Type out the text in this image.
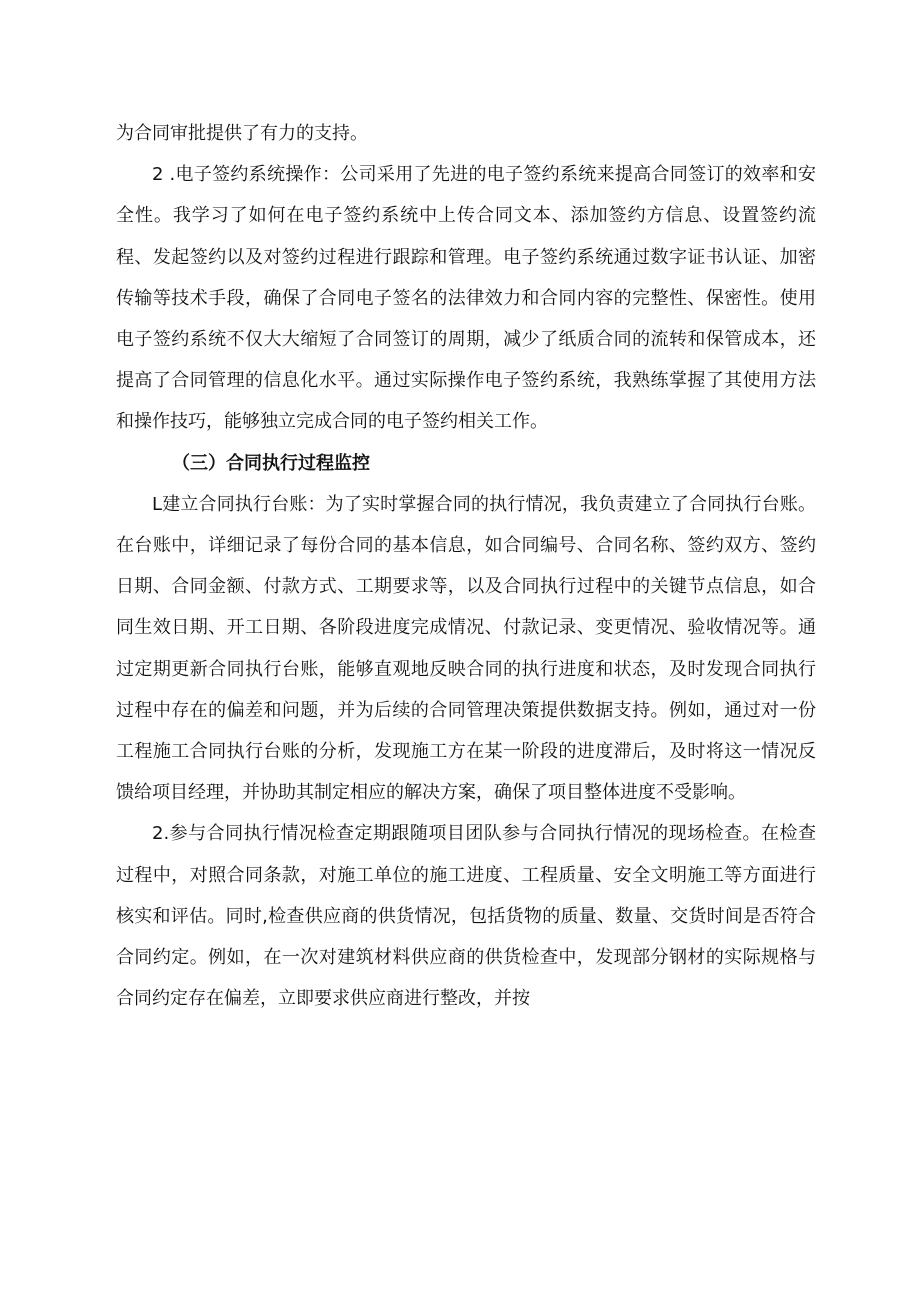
为合同审批提供了有力的支持。

2 .电子签约系统操作：公司采用了先进的电子签约系统来提高合同签订的效率和安全性。我学习了如何在电子签约系统中上传合同文本、添加签约方信息、设置签约流程、发起签约以及对签约过程进行跟踪和管理。电子签约系统通过数字证书认证、加密传输等技术手段，确保了合同电子签名的法律效力和合同内容的完整性、保密性。使用电子签约系统不仅大大缩短了合同签订的周期，减少了纸质合同的流转和保管成本，还提高了合同管理的信息化水平。通过实际操作电子签约系统，我熟练掌握了其使用方法和操作技巧，能够独立完成合同的电子签约相关工作。

（三）合同执行过程监控

L建立合同执行台账：为了实时掌握合同的执行情况，我负责建立了合同执行台账。在台账中，详细记录了每份合同的基本信息，如合同编号、合同名称、签约双方、签约日期、合同金额、付款方式、工期要求等，以及合同执行过程中的关键节点信息，如合同生效日期、开工日期、各阶段进度完成情况、付款记录、变更情况、验收情况等。通过定期更新合同执行台账，能够直观地反映合同的执行进度和状态，及时发现合同执行过程中存在的偏差和问题，并为后续的合同管理决策提供数据支持。例如，通过对一份工程施工合同执行台账的分析，发现施工方在某一阶段的进度滞后，及时将这一情况反馈给项目经理，并协助其制定相应的解决方案，确保了项目整体进度不受影响。

2.参与合同执行情况检查定期跟随项目团队参与合同执行情况的现场检查。在检查过程中，对照合同条款，对施工单位的施工进度、工程质量、安全文明施工等方面进行核实和评估。同时,检查供应商的供货情况，包括货物的质量、数量、交货时间是否符合合同约定。例如，在一次对建筑材料供应商的供货检查中，发现部分钢材的实际规格与合同约定存在偏差，立即要求供应商进行整改，并按
